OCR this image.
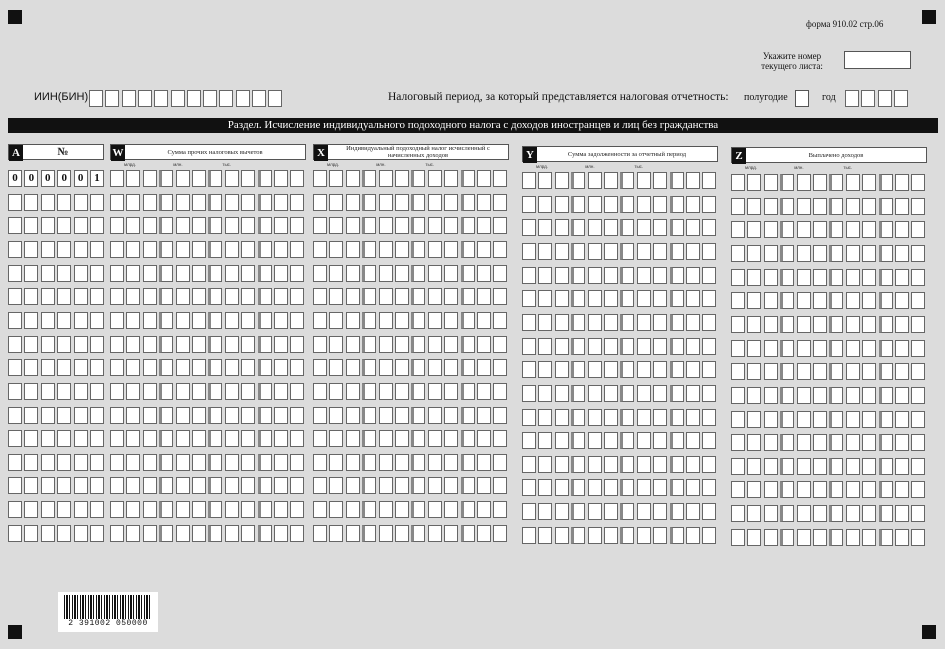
форма 910.02 стр.06
Укажите номер текущего листа:
ИИН(БИН)	Налоговый период, за который представляется налоговая отчетность: полугодие	год
Раздел. Исчисление индивидуального подоходного налога с доходов иностранцев и лиц без гражданства
A	№
0 0 0 0 0 1
W	Сумма прочих налоговых вычетов
млрд.	млн.	тыс.
X	Индивидуальный подоходный налог исчисленный с начисленных доходов
млрд.	млн.	тыс.
Y	Сумма задолженности за отчетный период
млрд.	млн.	тыс.
Z	Выплачено доходов
млрд.	млн.	тыс.
2 391002 050000
